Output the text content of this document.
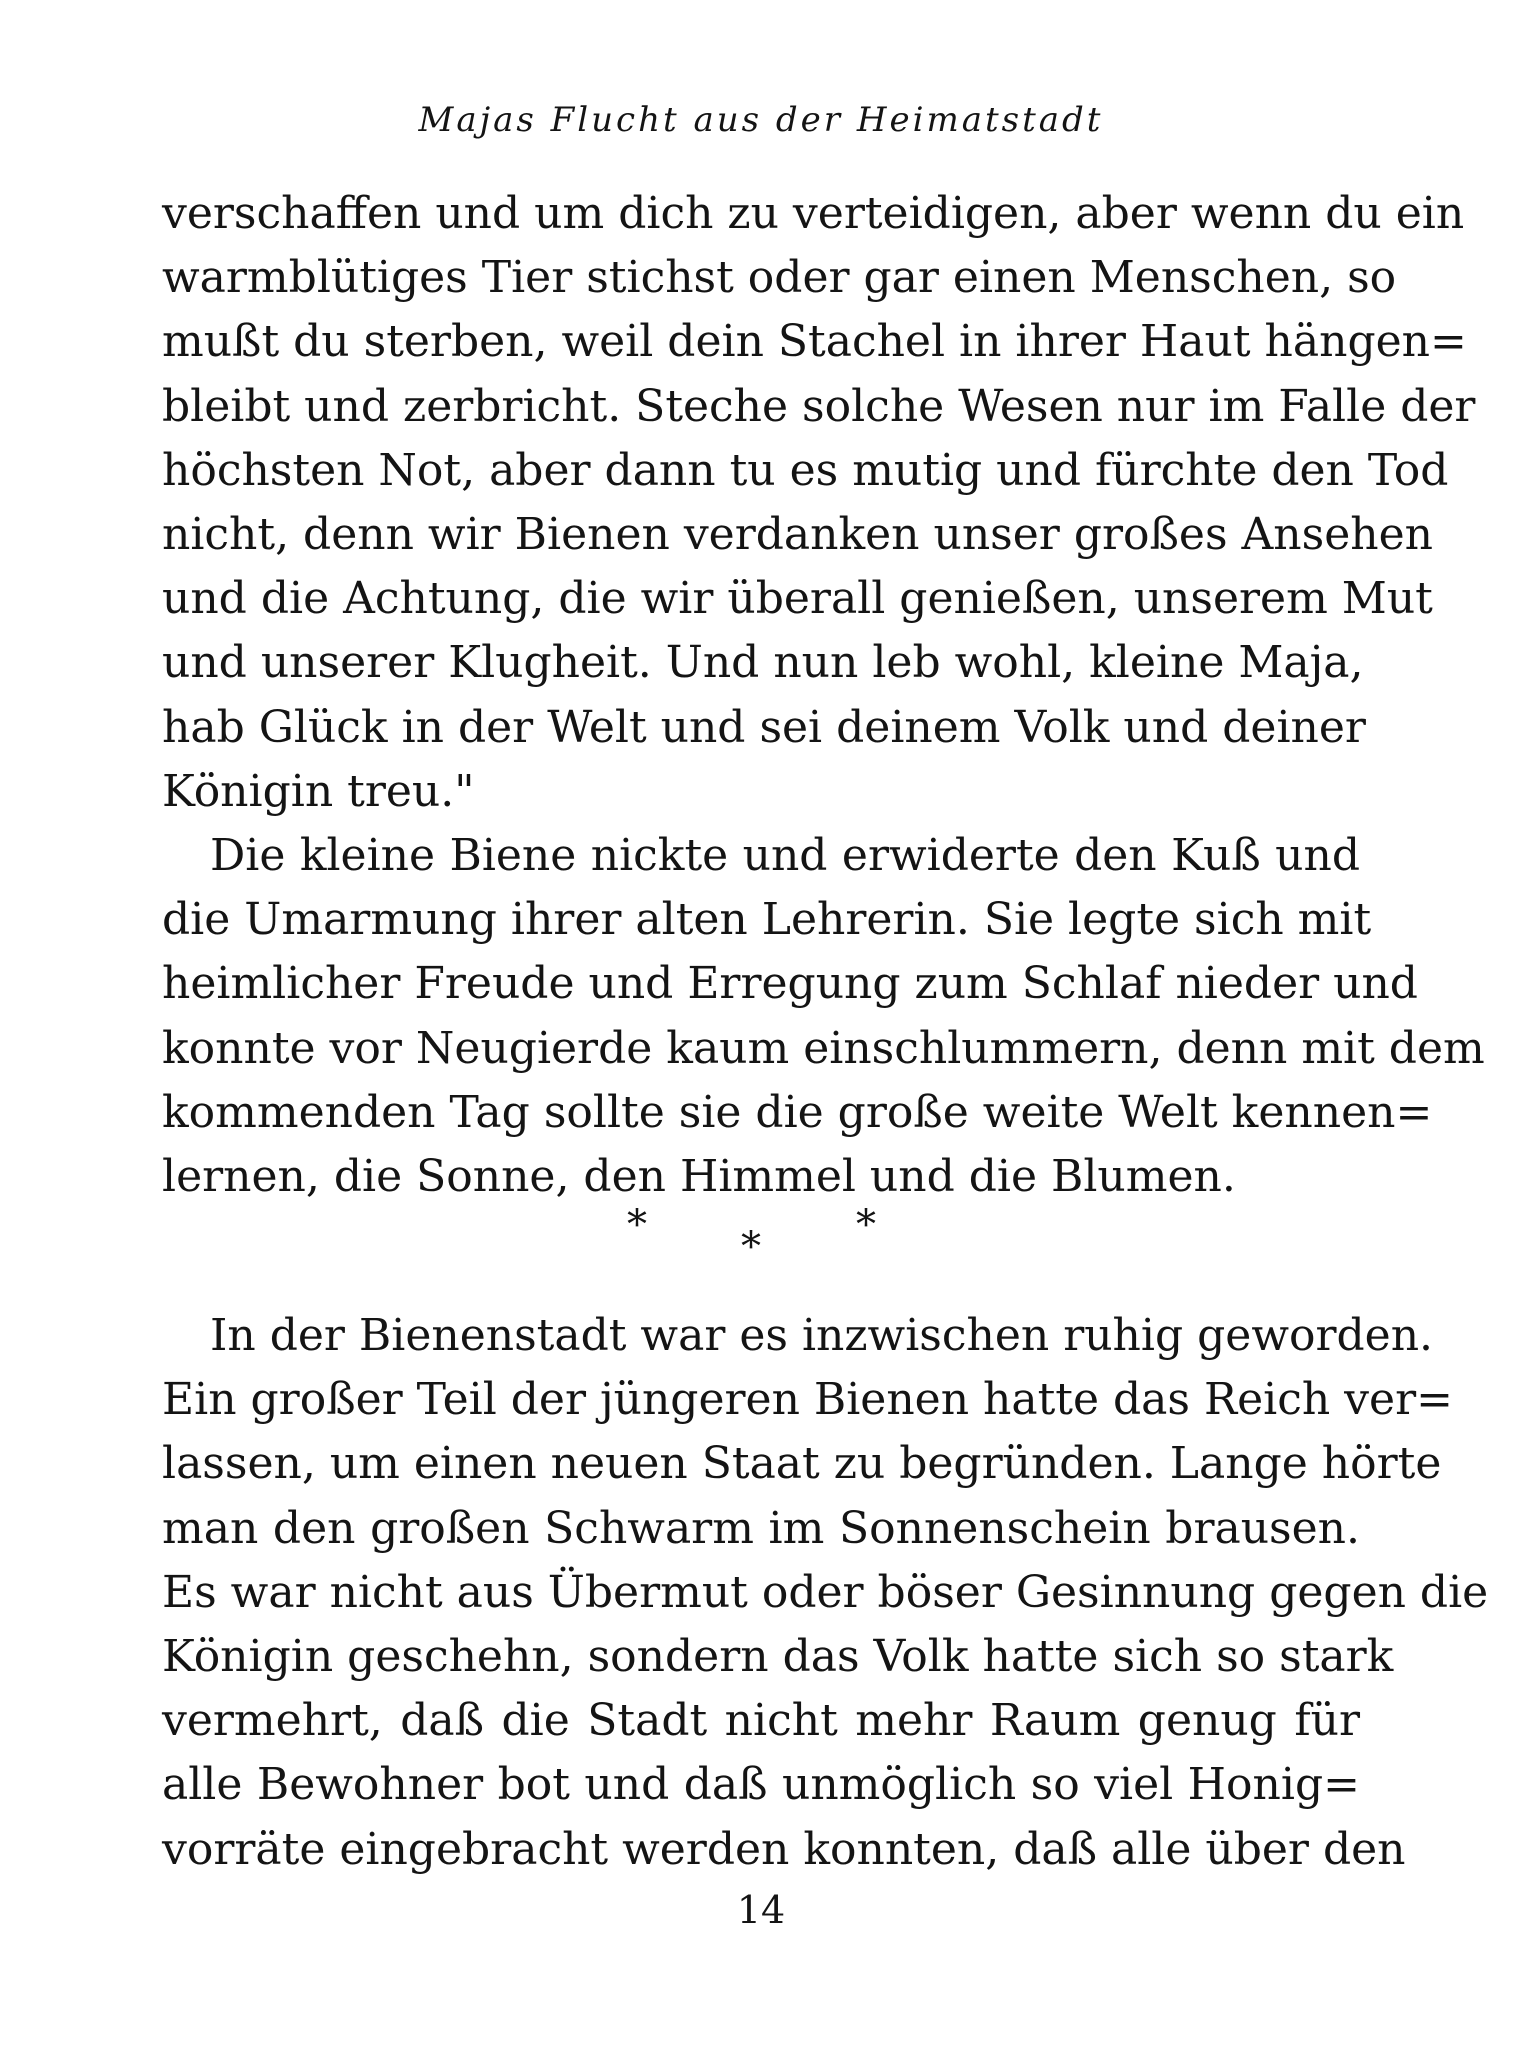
Majas Flucht aus der Heimatstadt
verschaffen und um dich zu verteidigen, aber wenn du ein
warmblütiges Tier stichst oder gar einen Menschen, so
mußt du sterben, weil dein Stachel in ihrer Haut hängen=
bleibt und zerbricht. Steche solche Wesen nur im Falle der
höchsten Not, aber dann tu es mutig und fürchte den Tod
nicht, denn wir Bienen verdanken unser großes Ansehen
und die Achtung, die wir überall genießen, unserem Mut
und unserer Klugheit. Und nun leb wohl, kleine Maja,
hab Glück in der Welt und sei deinem Volk und deiner
Königin treu."
Die kleine Biene nickte und erwiderte den Kuß und
die Umarmung ihrer alten Lehrerin. Sie legte sich mit
heimlicher Freude und Erregung zum Schlaf nieder und
konnte vor Neugierde kaum einschlummern, denn mit dem
kommenden Tag sollte sie die große weite Welt kennen=
lernen, die Sonne, den Himmel und die Blumen.
* * *
In der Bienenstadt war es inzwischen ruhig geworden.
Ein großer Teil der jüngeren Bienen hatte das Reich ver=
lassen, um einen neuen Staat zu begründen. Lange hörte
man den großen Schwarm im Sonnenschein brausen.
Es war nicht aus Übermut oder böser Gesinnung gegen die
Königin geschehn, sondern das Volk hatte sich so stark
vermehrt, daß die Stadt nicht mehr Raum genug für
alle Bewohner bot und daß unmöglich so viel Honig=
vorräte eingebracht werden konnten, daß alle über den
14
